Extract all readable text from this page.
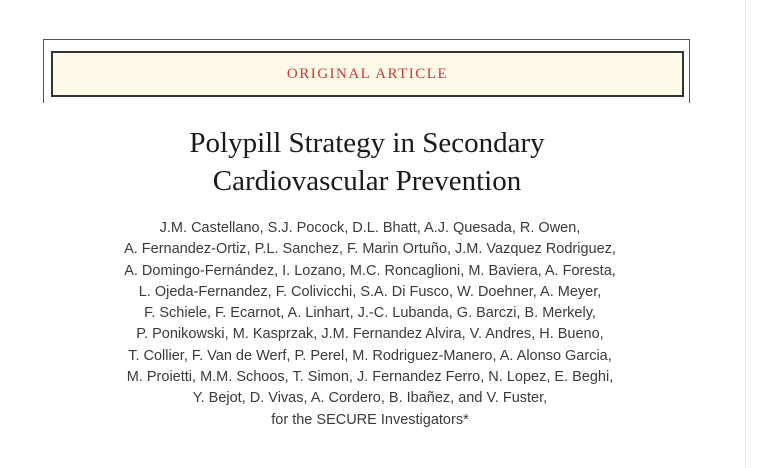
ORIGINAL ARTICLE
Polypill Strategy in Secondary
Cardiovascular Prevention
J.M. Castellano, S.J. Pocock, D.L. Bhatt, A.J. Quesada, R. Owen,
A. Fernandez-Ortiz, P.L. Sanchez, F. Marin Ortuño, J.M. Vazquez Rodriguez,
A. Domingo-Fernández, I. Lozano, M.C. Roncaglioni, M. Baviera, A. Foresta,
L. Ojeda-Fernandez, F. Colivicchi, S.A. Di Fusco, W. Doehner, A. Meyer,
F. Schiele, F. Ecarnot, A. Linhart, J.-C. Lubanda, G. Barczi, B. Merkely,
P. Ponikowski, M. Kasprzak, J.M. Fernandez Alvira, V. Andres, H. Bueno,
T. Collier, F. Van de Werf, P. Perel, M. Rodriguez-Manero, A. Alonso Garcia,
M. Proietti, M.M. Schoos, T. Simon, J. Fernandez Ferro, N. Lopez, E. Beghi,
Y. Bejot, D. Vivas, A. Cordero, B. Ibañez, and V. Fuster,
for the SECURE Investigators*
